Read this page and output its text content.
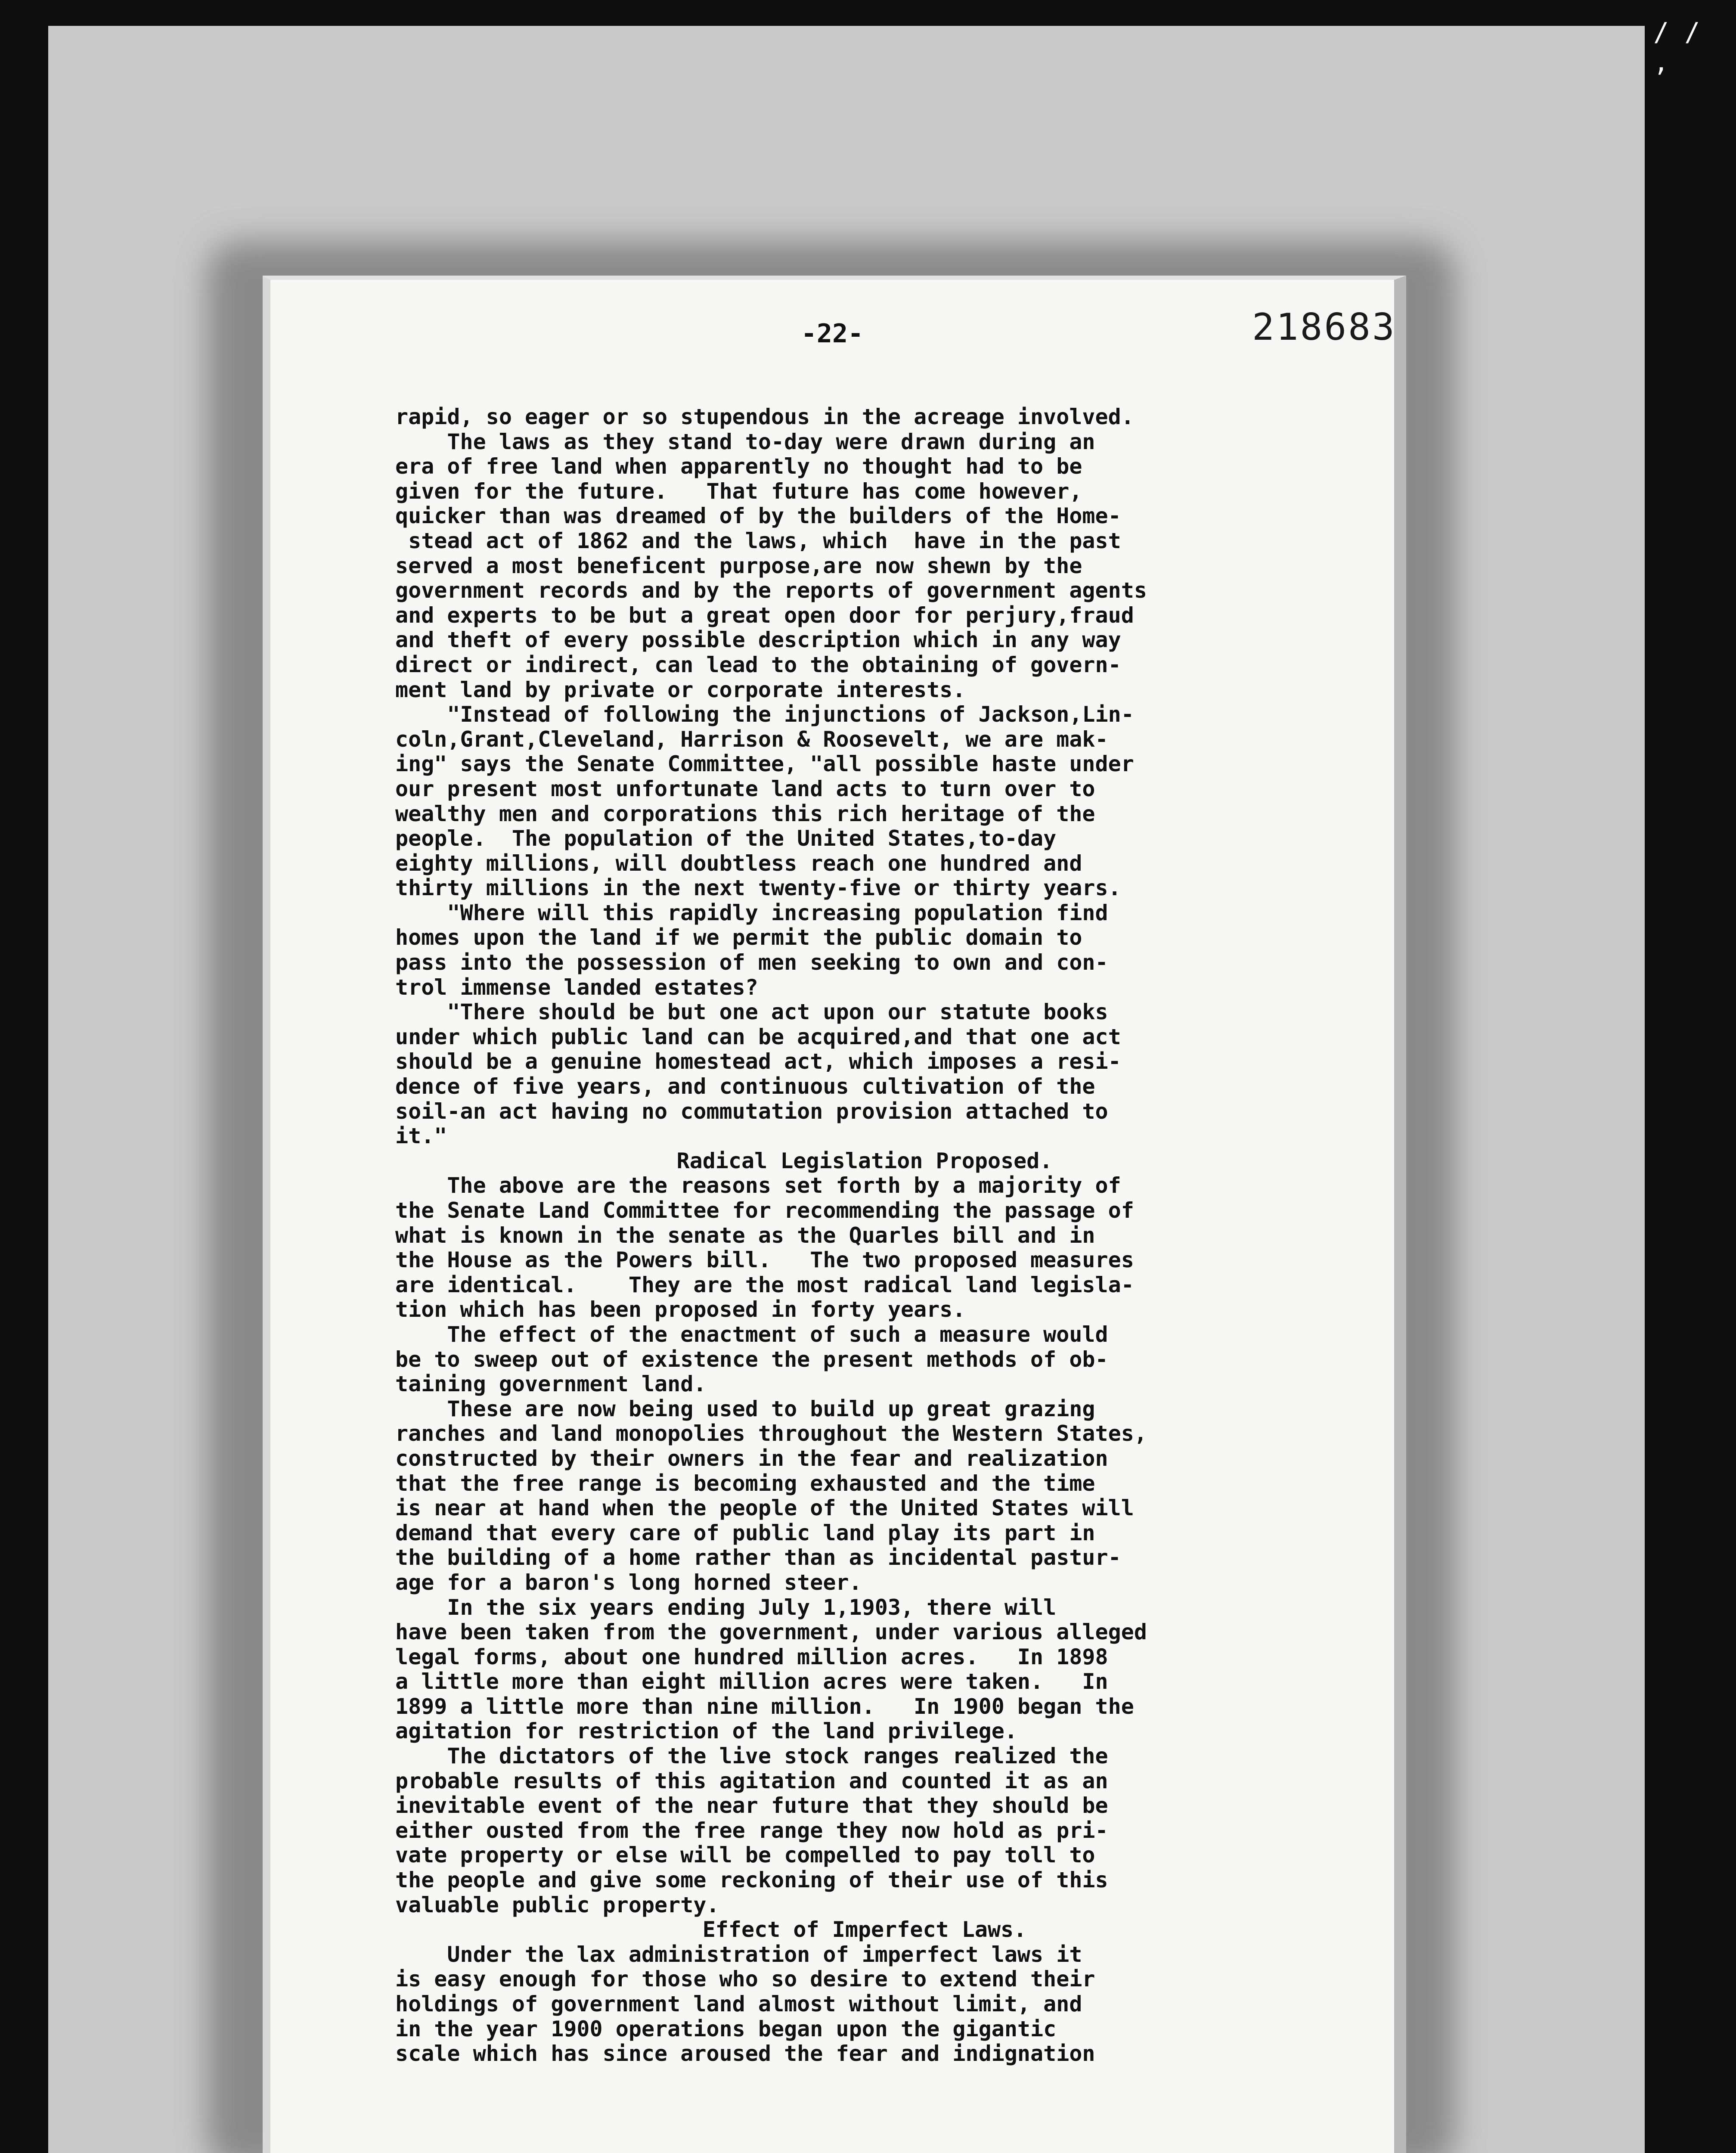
/ / ,
-22-	218683
rapid, so eager or so stupendous in the acreage involved.
The laws as they stand to-day were drawn during an
era of free land when apparently no thought had to be
given for the future.   That future has come however,
quicker than was dreamed of by the builders of the Home-
stead act of 1862 and the laws, which  have in the past
served a most beneficent purpose,are now shewn by the
government records and by the reports of government agents
and experts to be but a great open door for perjury,fraud
and theft of every possible description which in any way
direct or indirect, can lead to the obtaining of govern-
ment land by private or corporate interests.
"Instead of following the injunctions of Jackson,Lin-
coln,Grant,Cleveland, Harrison & Roosevelt, we are mak-
ing" says the Senate Committee, "all possible haste under
our present most unfortunate land acts to turn over to
wealthy men and corporations this rich heritage of the
people.  The population of the United States,to-day
eighty millions, will doubtless reach one hundred and
thirty millions in the next twenty-five or thirty years.
"Where will this rapidly increasing population find
homes upon the land if we permit the public domain to
pass into the possession of men seeking to own and con-
trol immense landed estates?
"There should be but one act upon our statute books
under which public land can be acquired,and that one act
should be a genuine homestead act, which imposes a resi-
dence of five years, and continuous cultivation of the
soil-an act having no commutation provision attached to
it."
Radical Legislation Proposed.
The above are the reasons set forth by a majority of
the Senate Land Committee for recommending the passage of
what is known in the senate as the Quarles bill and in
the House as the Powers bill.   The two proposed measures
are identical.    They are the most radical land legisla-
tion which has been proposed in forty years.
The effect of the enactment of such a measure would
be to sweep out of existence the present methods of ob-
taining government land.
These are now being used to build up great grazing
ranches and land monopolies throughout the Western States,
constructed by their owners in the fear and realization
that the free range is becoming exhausted and the time
is near at hand when the people of the United States will
demand that every care of public land play its part in
the building of a home rather than as incidental pastur-
age for a baron's long horned steer.
In the six years ending July 1,1903, there will
have been taken from the government, under various alleged
legal forms, about one hundred million acres.   In 1898
a little more than eight million acres were taken.   In
1899 a little more than nine million.   In 1900 began the
agitation for restriction of the land privilege.
The dictators of the live stock ranges realized the
probable results of this agitation and counted it as an
inevitable event of the near future that they should be
either ousted from the free range they now hold as pri-
vate property or else will be compelled to pay toll to
the people and give some reckoning of their use of this
valuable public property.
Effect of Imperfect Laws.
Under the lax administration of imperfect laws it
is easy enough for those who so desire to extend their
holdings of government land almost without limit, and
in the year 1900 operations began upon the gigantic
scale which has since aroused the fear and indignation
